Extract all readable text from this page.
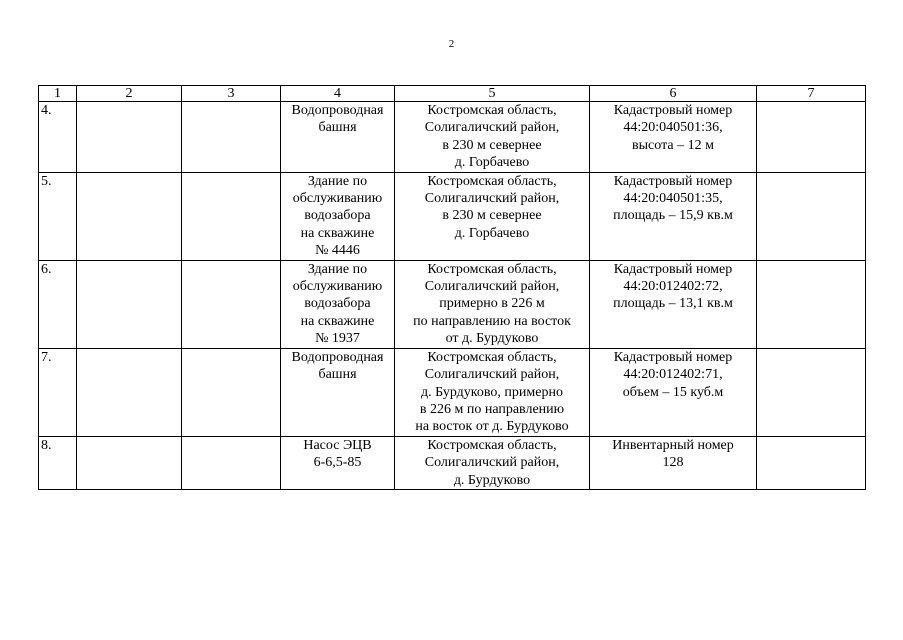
2
1	2	3	4	5	6	7
4.			Водопроводная
башня	Костромская область,
Солигаличский район,
в 230 м севернее
д. Горбачево	Кадастровый номер
44:20:040501:36,
высота – 12 м	

5.			Здание по
обслуживанию
водозабора
на скважине
№ 4446	Костромская область,
Солигаличский район,
в 230 м севернее
д. Горбачево	Кадастровый номер
44:20:040501:35,
площадь – 15,9 кв.м	

6.			Здание по
обслуживанию
водозабора
на скважине
№ 1937	Костромская область,
Солигаличский район,
примерно в 226 м
по направлению на восток
от д. Бурдуково	Кадастровый номер
44:20:012402:72,
площадь – 13,1 кв.м	

7.			Водопроводная
башня	Костромская область,
Солигаличский район,
д. Бурдуково, примерно
в 226 м по направлению
на восток от д. Бурдуково	Кадастровый номер
44:20:012402:71,
объем – 15 куб.м	

8.			Насос ЭЦВ
6-6,5-85	Костромская область,
Солигаличский район,
д. Бурдуково	Инвентарный номер
128	
